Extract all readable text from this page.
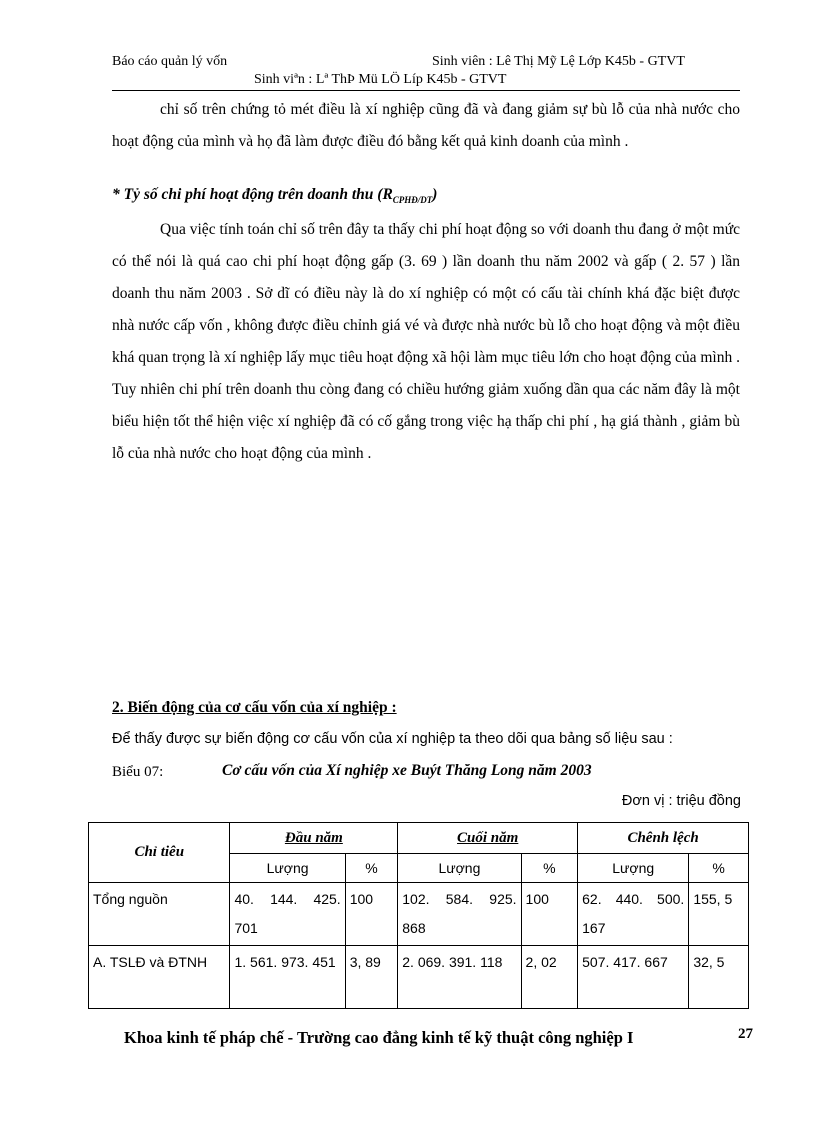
Báo cáo quản lý vốn	Sinh viên : Lê Thị Mỹ Lệ Lớp K45b - GTVT
Sinh viªn : Lª ThÞ Mü LÖ Líp K45b - GTVT

chỉ số trên chứng tỏ mét điều là xí nghiệp cũng đã và đang giảm sự bù lỗ của nhà nước cho hoạt động của mình và họ đã làm được điều đó bằng kết quả kinh doanh của mình .

* Tỷ số chi phí hoạt động trên doanh thu $(R_{CPHĐ/DT})$

Qua việc tính toán chỉ số trên đây ta thấy chi phí hoạt động so với doanh thu đang ở một mức có thể nói là quá cao chi phí hoạt động gấp (3. 69 ) lần doanh thu năm 2002 và gấp ( 2. 57 ) lần doanh thu năm 2003 . Sở dĩ có điều này là do xí nghiệp có một có cấu tài chính khá đặc biệt được nhà nước cấp vốn , không được điều chỉnh giá vé và được nhà nước bù lỗ cho hoạt động và một điều khá quan trọng là xí nghiệp lấy mục tiêu hoạt động xã hội làm mục tiêu lớn cho hoạt động của mình . Tuy nhiên chi phí trên doanh thu còng đang có chiều hướng giảm xuống dần qua các năm đây là một biểu hiện tốt thể hiện việc xí nghiệp đã có cố gắng trong việc hạ thấp chi phí , hạ giá thành , giảm bù lỗ của nhà nước cho hoạt động của mình .

2. Biến động của cơ cấu vốn của xí nghiệp :
Để thấy được sự biến động cơ cấu vốn của xí nghiệp ta theo dõi qua bảng số liệu sau :
Biểu 07:	Cơ cấu vốn của Xí nghiệp xe Buýt Thăng Long năm 2003
Đơn vị : triệu đồng
Chỉ tiêu	Đầu năm		Cuối năm		Chênh lệch	
	Lượng	%	Lượng	%	Lượng	%
Tổng nguồn	40. 144. 425. 701	100	102. 584. 925. 868	100	62. 440. 500. 167	155, 5
A. TSLĐ và ĐTNH	1. 561. 973. 451	3, 89	2. 069. 391. 118	2, 02	507. 417. 667	32, 5
Khoa kinh tế pháp chế - Trường cao đẳng kinh tế kỹ thuật công nghiệp I	27
